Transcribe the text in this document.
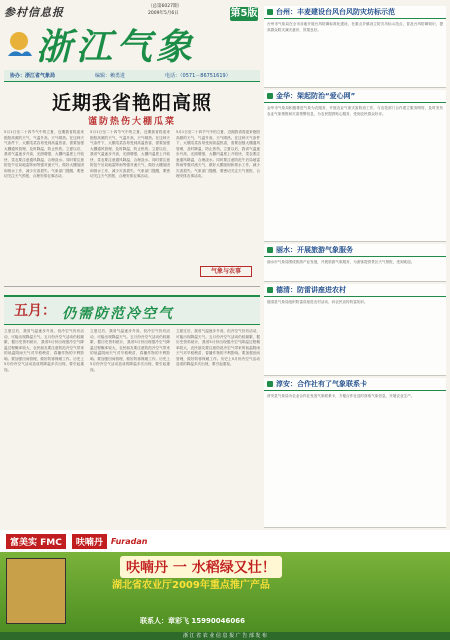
参村信息报	（总第6027期）
2009年5月6日	第5版
浙江气象
协办：浙江省气象局	编辑：赖勇进	电话：（0571－86751619）
近期我省艳阳高照
谨防热伤大棚瓜菜
5月1日至二十四节气中的立夏，近期我省将迎来艳阳高照的天气，气温升高，天气晴热。在这种天气条件下，大棚瓜菜容易受到高温热害，需要加强大棚通风管理，及时降温，防止热伤。立夏以后，我省气温逐步升高，光照增强，大棚内温度上升较快，菜农要注意通风降温，合理浇水。同时要注意防范午后局地雷阵雨等强对流天气，做好大棚加固和排水工作，减少灾害损失。气象部门提醒，要密切关注天气预报，合理安排农事活动。
5月1日至二十四节气中的立夏，近期我省将迎来艳阳高照的天气，气温升高，天气晴热。在这种天气条件下，大棚瓜菜容易受到高温热害，需要加强大棚通风管理，及时降温，防止热伤。立夏以后，我省气温逐步升高，光照增强，大棚内温度上升较快，菜农要注意通风降温，合理浇水。同时要注意防范午后局地雷阵雨等强对流天气，做好大棚加固和排水工作，减少灾害损失。气象部门提醒，要密切关注天气预报，合理安排农事活动。
5月1日至二十四节气中的立夏，近期我省将迎来艳阳高照的天气，气温升高，天气晴热。在这种天气条件下，大棚瓜菜容易受到高温热害，需要加强大棚通风管理，及时降温，防止热伤。立夏以后，我省气温逐步升高，光照增强，大棚内温度上升较快，菜农要注意通风降温，合理浇水。同时要注意防范午后局地雷阵雨等强对流天气，做好大棚加固和排水工作，减少灾害损失。气象部门提醒，要密切关注天气预报，合理安排农事活动。
气象与农事
五月： 仍需防范冷空气
立夏过后，我省气温逐步升高，但冷空气仍有活动，可能出现降温天气。五月份冷空气活动仍较频繁，据历史资料统计，我省5月份出现强冷空气降温过程概率较大，农民朋友要注意防范冷空气带来的低温阴雨天气对早稻秧苗、春播作物的不利影响。要加强田间管理，做好防寒保暖工作。历史上5月份冷空气活动造成的降温多次出现，要引起重视。
立夏过后，我省气温逐步升高，但冷空气仍有活动，可能出现降温天气。五月份冷空气活动仍较频繁，据历史资料统计，我省5月份出现强冷空气降温过程概率较大，农民朋友要注意防范冷空气带来的低温阴雨天气对早稻秧苗、春播作物的不利影响。要加强田间管理，做好防寒保暖工作。历史上5月份冷空气活动造成的降温多次出现，要引起重视。
立夏过后，我省气温逐步升高，但冷空气仍有活动，可能出现降温天气。五月份冷空气活动仍较频繁，据历史资料统计，我省5月份出现强冷空气降温过程概率较大，农民朋友要注意防范冷空气带来的低温阴雨天气对早稻秧苗、春播作物的不利影响。要加强田间管理，做好防寒保暖工作。历史上5月份冷空气活动造成的降温多次出现，要引起重视。
台州：丰麦建设台风台风防灾坊标示范
台州市气象局在全市各地开展台风防御标准化建设，在重点乡镇设立防灾坊标示范点，普及台风防御知识，提高群众防灾减灾意识，效果良好。
金华：架起防治“爱心网”
金华市气象局积极推进气象为农服务，开展农业气象灾害防治工作，与农技部门合作建立服务网络，及时发布农业气象预报和灾害预警信息，为农民提供贴心服务，受到农民群众好评。
丽水：开展旅游气象服务
丽水市气象局围绕旅游产业发展，开展旅游气象服务，为游客提供景区天气预报，受到欢迎。
德清：防雷讲座进农村
德清县气象局组织防雷讲座进农村活动，向农民宣传防雷知识。
淳安：合作社有了气象联系卡
淳安县气象局为农业合作社发放气象联系卡，方便合作社及时获取气象信息，开展农业生产。
富美实 FMC	呋喃丹	Furadan
呋喃丹 一 水稻绿又壮！
湖北省农业厅2009年重点推广产品
联系人：章彩飞 15990046066
浙 江 省 农 业 信 息 报 广 告 部 发 布
